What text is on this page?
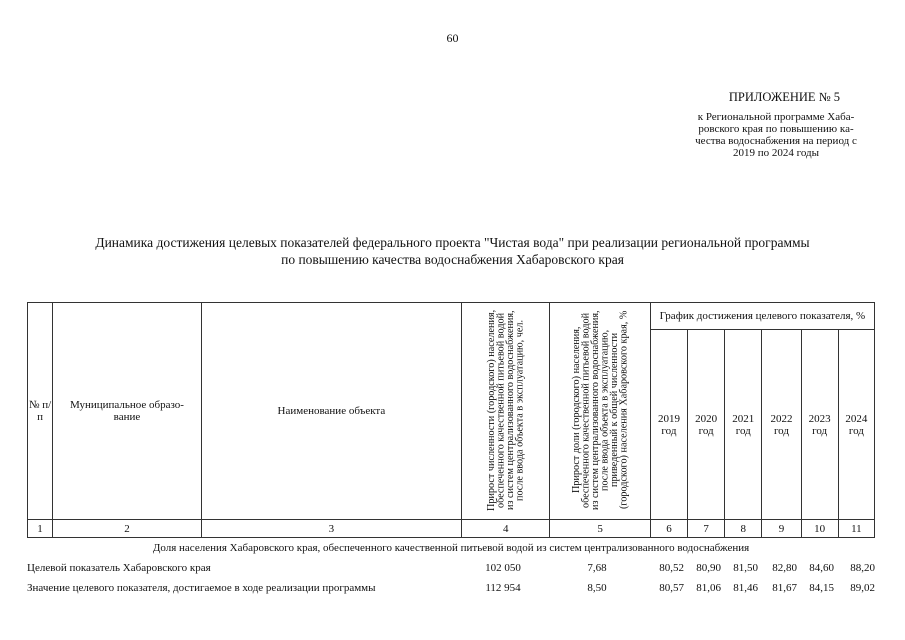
60
ПРИЛОЖЕНИЕ № 5
к Региональной программе Хаба-
ровского края по повышению ка-
чества водоснабжения на период с
2019 по 2024 годы
Динамика достижения целевых показателей федерального проекта "Чистая вода" при реализации региональной программы
по повышению качества водоснабжения Хабаровского края
№ п/п	Муниципальное образо-вание	Наименование объекта	Прирост численности (городского) населения, обеспеченного качественной питьевой водой из систем централизованного водоснабжения, после ввода объекта в эксплуатацию, чел.	Прирост доли (городского) населения, обеспеченного качественной питьевой водой из систем централизованного водоснабжения, после ввода объекта в эксплуатацию, приведенный к общей численности (городского) населения Хабаровского края, %	График достижения целевого показателя, %					
					2019 год	2020 год	2021 год	2022 год	2023 год	2024 год
1	2	3	4	5	6	7	8	9	10	11
Доля населения Хабаровского края, обеспеченного качественной питьевой водой из систем централизованного водоснабжения								
Целевой показатель Хабаровского края	102 050	7,68	80,52	80,90	81,50	82,80	84,60	88,20
Значение целевого показателя, достигаемое в ходе реализации программы	112 954	8,50	80,57	81,06	81,46	81,67	84,15	89,02
